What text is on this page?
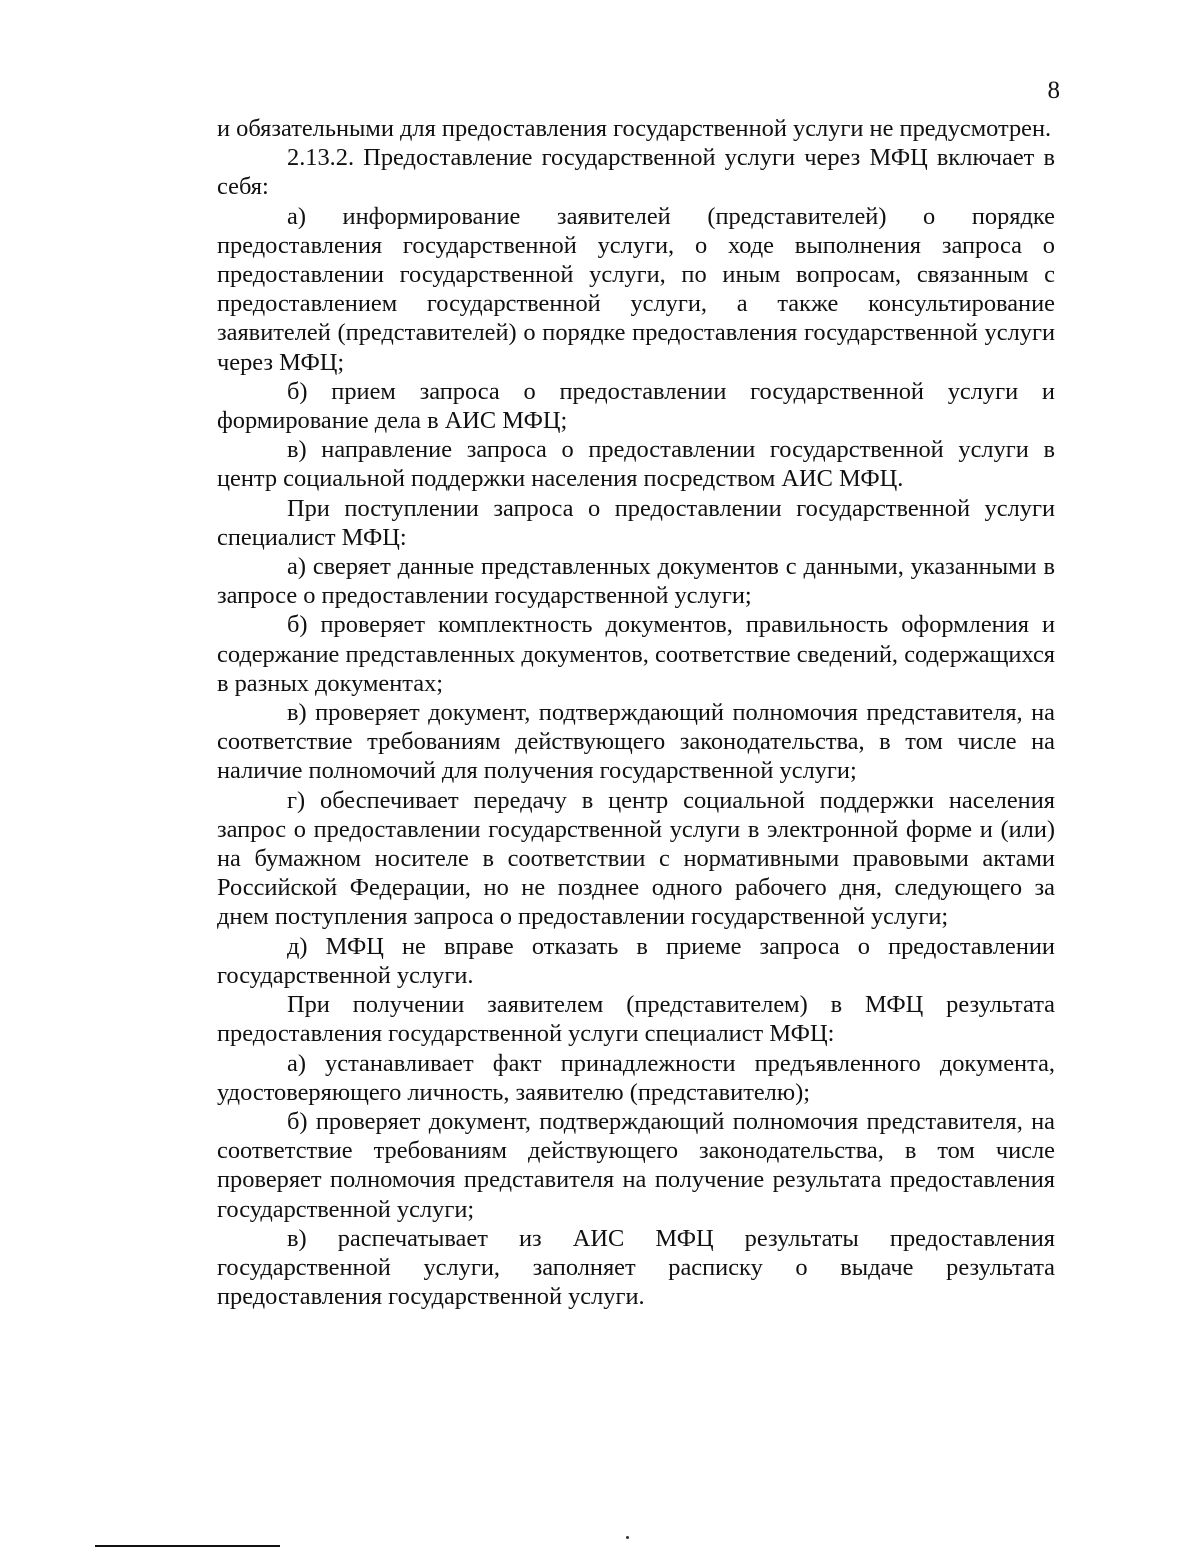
8

и обязательными для предоставления государственной услуги не предусмотрен.

2.13.2. Предоставление государственной услуги через МФЦ включает в себя:

а) информирование заявителей (представителей) о порядке предоставления государственной услуги, о ходе выполнения запроса о предоставлении государственной услуги, по иным вопросам, связанным с предоставлением государственной услуги, а также консультирование заявителей (представителей) о порядке предоставления государственной услуги через МФЦ;

б) прием запроса о предоставлении государственной услуги и формирование дела в АИС МФЦ;

в) направление запроса о предоставлении государственной услуги в центр социальной поддержки населения посредством АИС МФЦ.

При поступлении запроса о предоставлении государственной услуги специалист МФЦ:

а) сверяет данные представленных документов с данными, указанными в запросе о предоставлении государственной услуги;

б) проверяет комплектность документов, правильность оформления и содержание представленных документов, соответствие сведений, содержащихся в разных документах;

в) проверяет документ, подтверждающий полномочия представителя, на соответствие требованиям действующего законодательства, в том числе на наличие полномочий для получения государственной услуги;

г) обеспечивает передачу в центр социальной поддержки населения запрос о предоставлении государственной услуги в электронной форме и (или) на бумажном носителе в соответствии с нормативными правовыми актами Российской Федерации, но не позднее одного рабочего дня, следующего за днем поступления запроса о предоставлении государственной услуги;

д) МФЦ не вправе отказать в приеме запроса о предоставлении государственной услуги.

При получении заявителем (представителем) в МФЦ результата предоставления государственной услуги специалист МФЦ:

а) устанавливает факт принадлежности предъявленного документа, удостоверяющего личность, заявителю (представителю);

б) проверяет документ, подтверждающий полномочия представителя, на соответствие требованиям действующего законодательства, в том числе проверяет полномочия представителя на получение результата предоставления государственной услуги;

в) распечатывает из АИС МФЦ результаты предоставления государственной услуги, заполняет расписку о выдаче результата предоставления государственной услуги.
